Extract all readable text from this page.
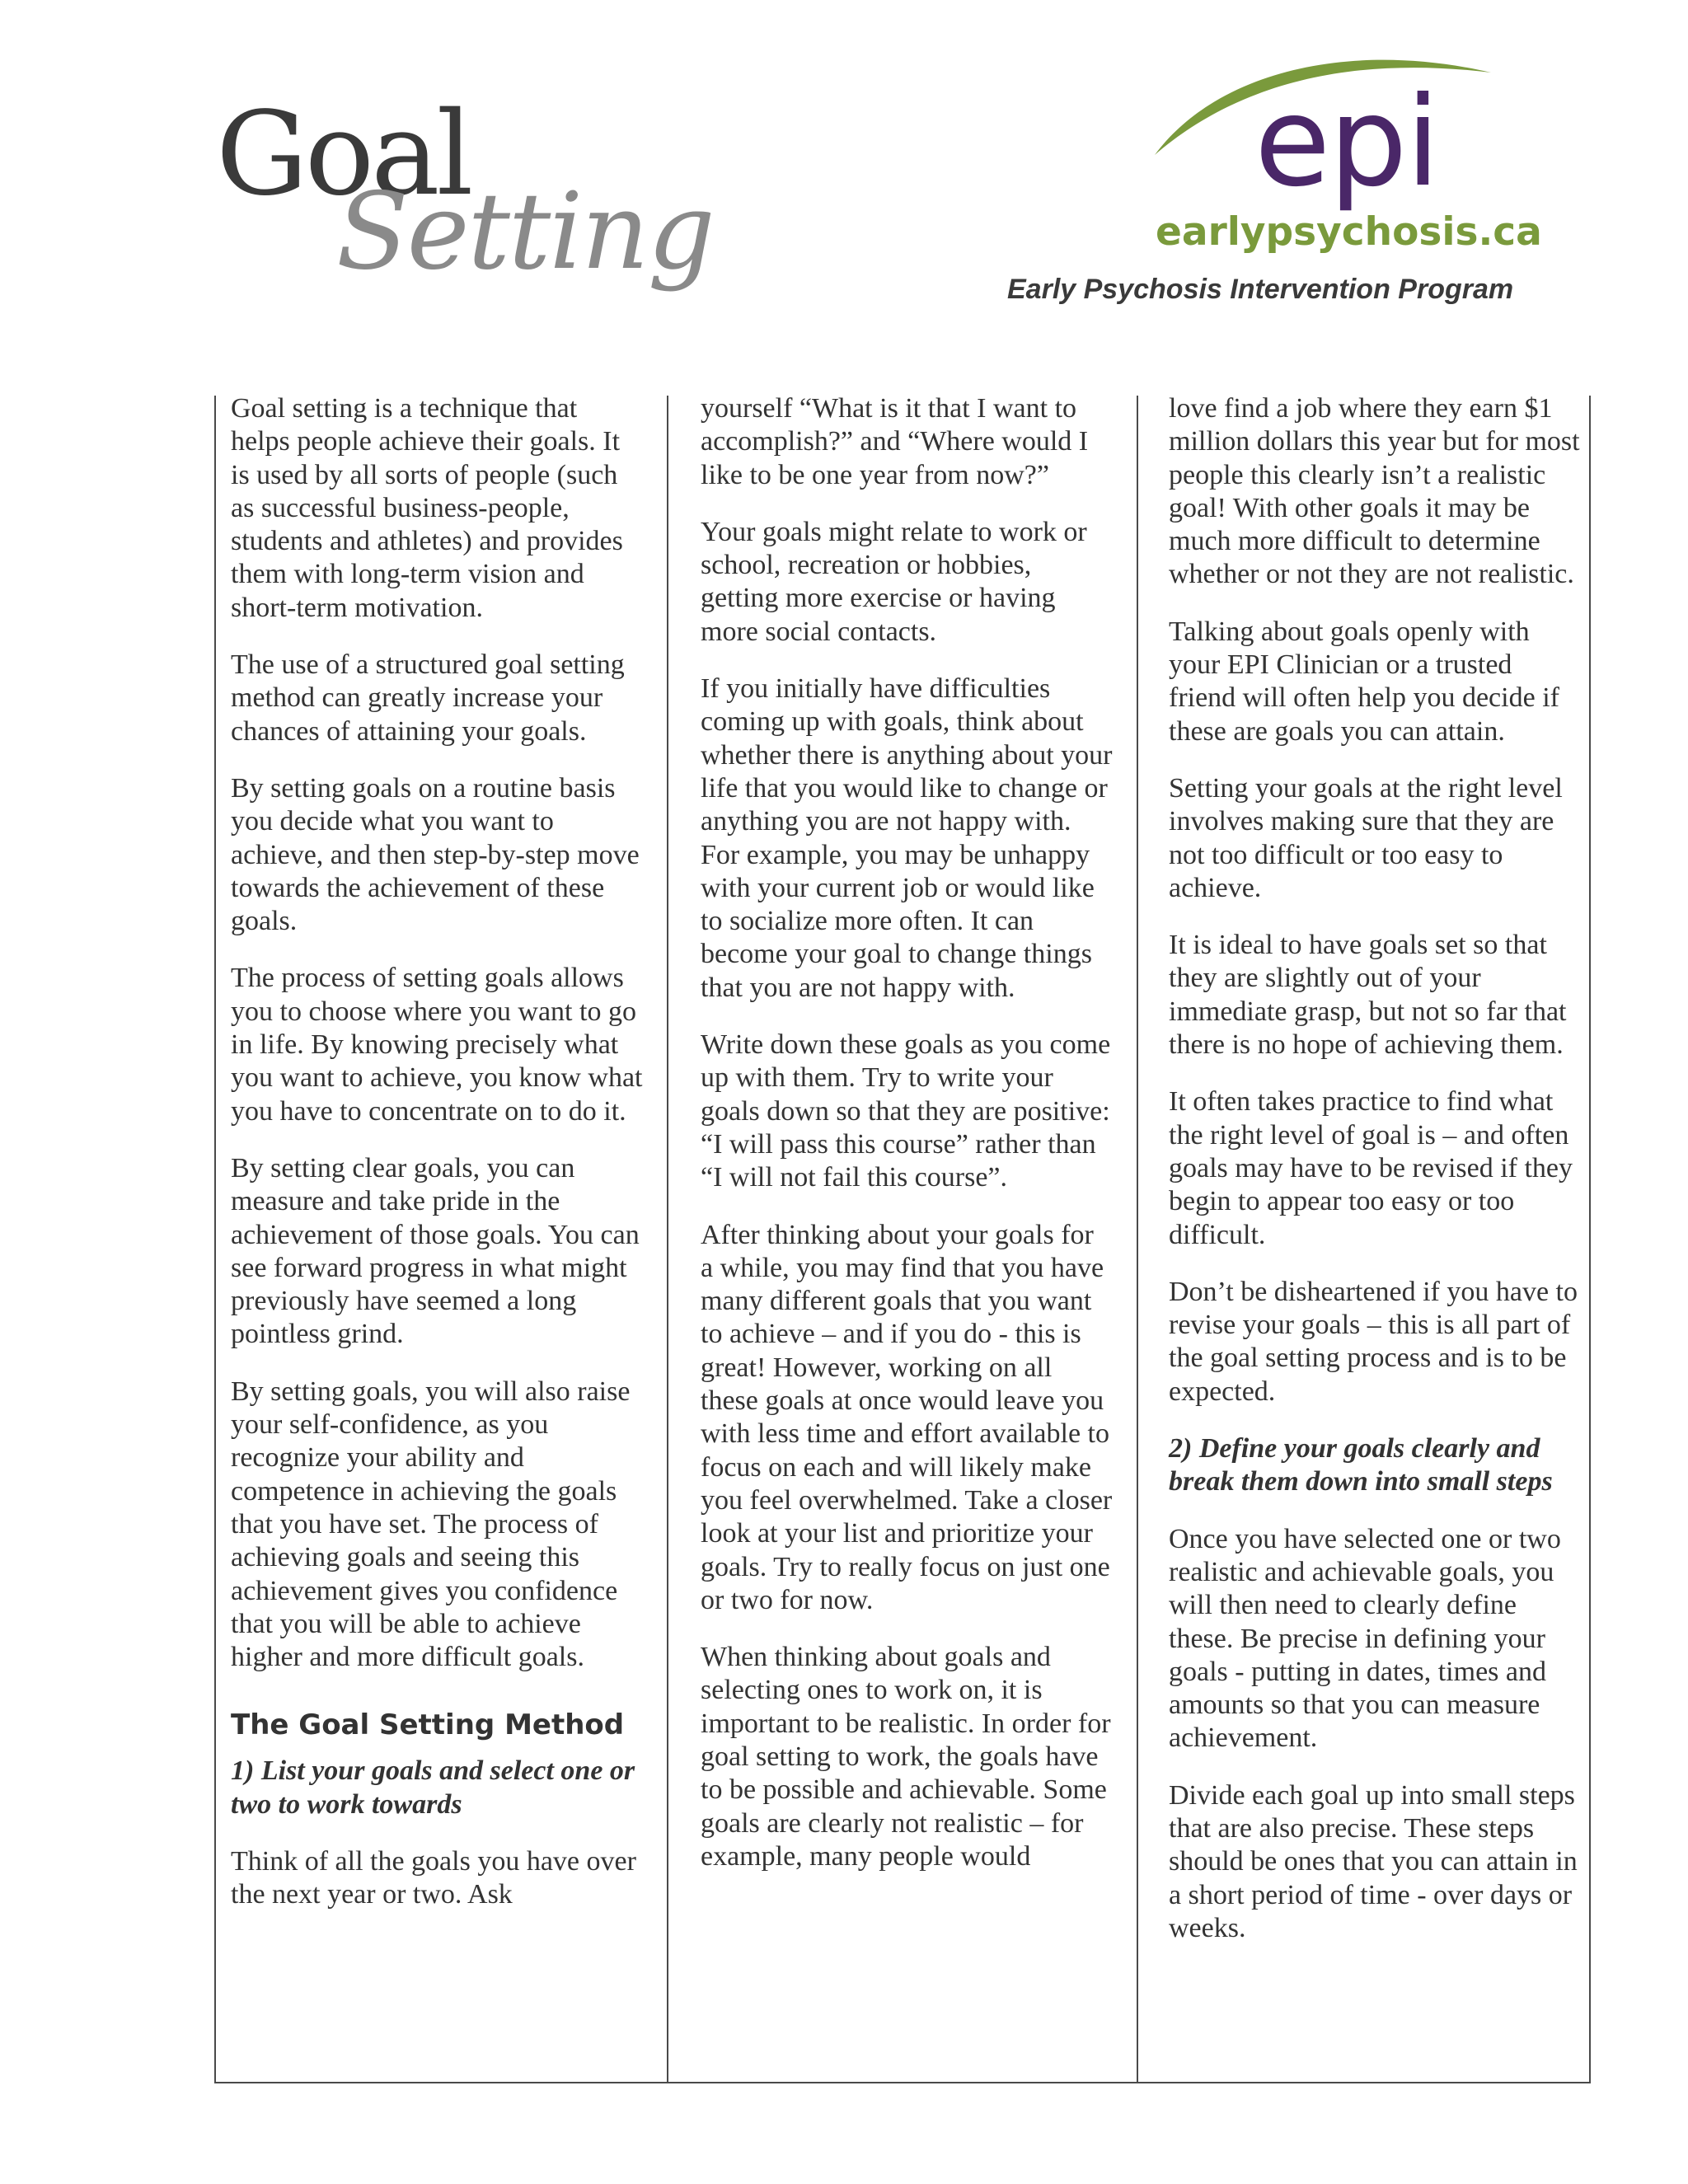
Goal
Setting
epi
earlypsychosis.ca
Early Psychosis Intervention Program

Goal setting is a technique that helps people achieve their goals. It is used by all sorts of people (such as successful business-people, students and athletes) and provides them with long-term vision and short-term motivation.

The use of a structured goal setting method can greatly increase your chances of attaining your goals.

By setting goals on a routine basis you decide what you want to achieve, and then step-by-step move towards the achievement of these goals.

The process of setting goals allows you to choose where you want to go in life. By knowing precisely what you want to achieve, you know what you have to concentrate on to do it.

By setting clear goals, you can measure and take pride in the achievement of those goals. You can see forward progress in what might previously have seemed a long pointless grind.

By setting goals, you will also raise your self-confidence, as you recognize your ability and competence in achieving the goals that you have set. The process of achieving goals and seeing this achievement gives you confidence that you will be able to achieve higher and more difficult goals.

The Goal Setting Method
1) List your goals and select one or two to work towards

Think of all the goals you have over the next year or two. Ask

yourself “What is it that I want to accomplish?” and “Where would I like to be one year from now?”

Your goals might relate to work or school, recreation or hobbies, getting more exercise or having more social contacts.

If you initially have difficulties coming up with goals, think about whether there is anything about your life that you would like to change or anything you are not happy with. For example, you may be unhappy with your current job or would like to socialize more often. It can become your goal to change things that you are not happy with.

Write down these goals as you come up with them. Try to write your goals down so that they are positive: “I will pass this course” rather than “I will not fail this course”.

After thinking about your goals for a while, you may find that you have many different goals that you want to achieve – and if you do - this is great! However, working on all these goals at once would leave you with less time and effort available to focus on each and will likely make you feel overwhelmed. Take a closer look at your list and prioritize your goals. Try to really focus on just one or two for now.

When thinking about goals and selecting ones to work on, it is important to be realistic. In order for goal setting to work, the goals have to be possible and achievable. Some goals are clearly not realistic – for example, many people would

love find a job where they earn $1 million dollars this year but for most people this clearly isn’t a realistic goal! With other goals it may be much more difficult to determine whether or not they are not realistic.

Talking about goals openly with your EPI Clinician or a trusted friend will often help you decide if these are goals you can attain.

Setting your goals at the right level involves making sure that they are not too difficult or too easy to achieve.

It is ideal to have goals set so that they are slightly out of your immediate grasp, but not so far that there is no hope of achieving them.

It often takes practice to find what the right level of goal is – and often goals may have to be revised if they begin to appear too easy or too difficult.

Don’t be disheartened if you have to revise your goals – this is all part of the goal setting process and is to be expected.

2) Define your goals clearly and break them down into small steps

Once you have selected one or two realistic and achievable goals, you will then need to clearly define these. Be precise in defining your goals - putting in dates, times and amounts so that you can measure achievement.

Divide each goal up into small steps that are also precise. These steps should be ones that you can attain in a short period of time - over days or weeks.
